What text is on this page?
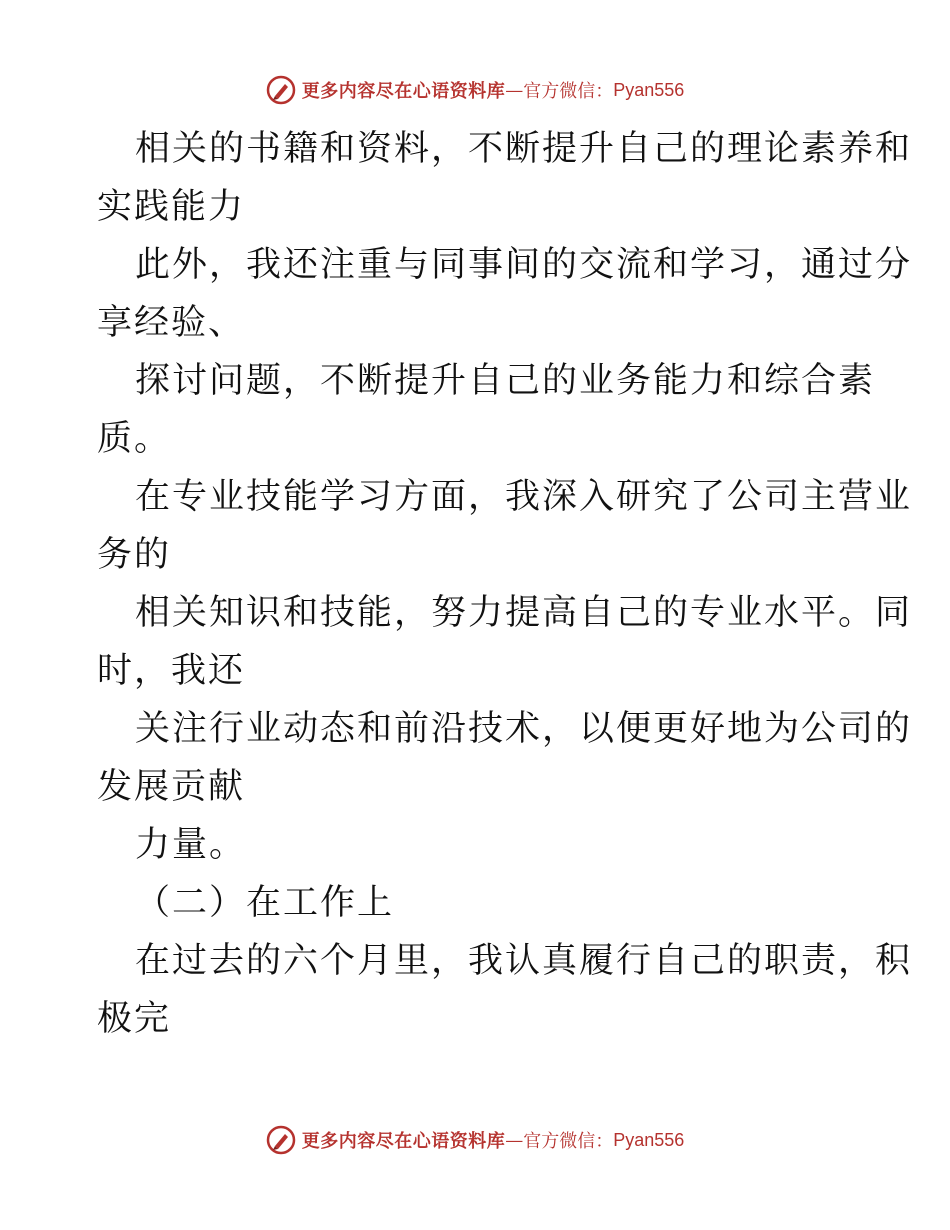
更多内容尽在心语资料库 — 官方微信： Pyan556
相关的书籍和资料，不断提升自己的理论素养和
实践能力
此外，我还注重与同事间的交流和学习，通过分
享经验、
探讨问题，不断提升自己的业务能力和综合素
质。
在专业技能学习方面，我深入研究了公司主营业
务的
相关知识和技能，努力提高自己的专业水平。同
时，我还
关注行业动态和前沿技术，以便更好地为公司的
发展贡献
力量。
（二）在工作上
在过去的六个月里，我认真履行自己的职责，积
极完
更多内容尽在心语资料库 — 官方微信： Pyan556
